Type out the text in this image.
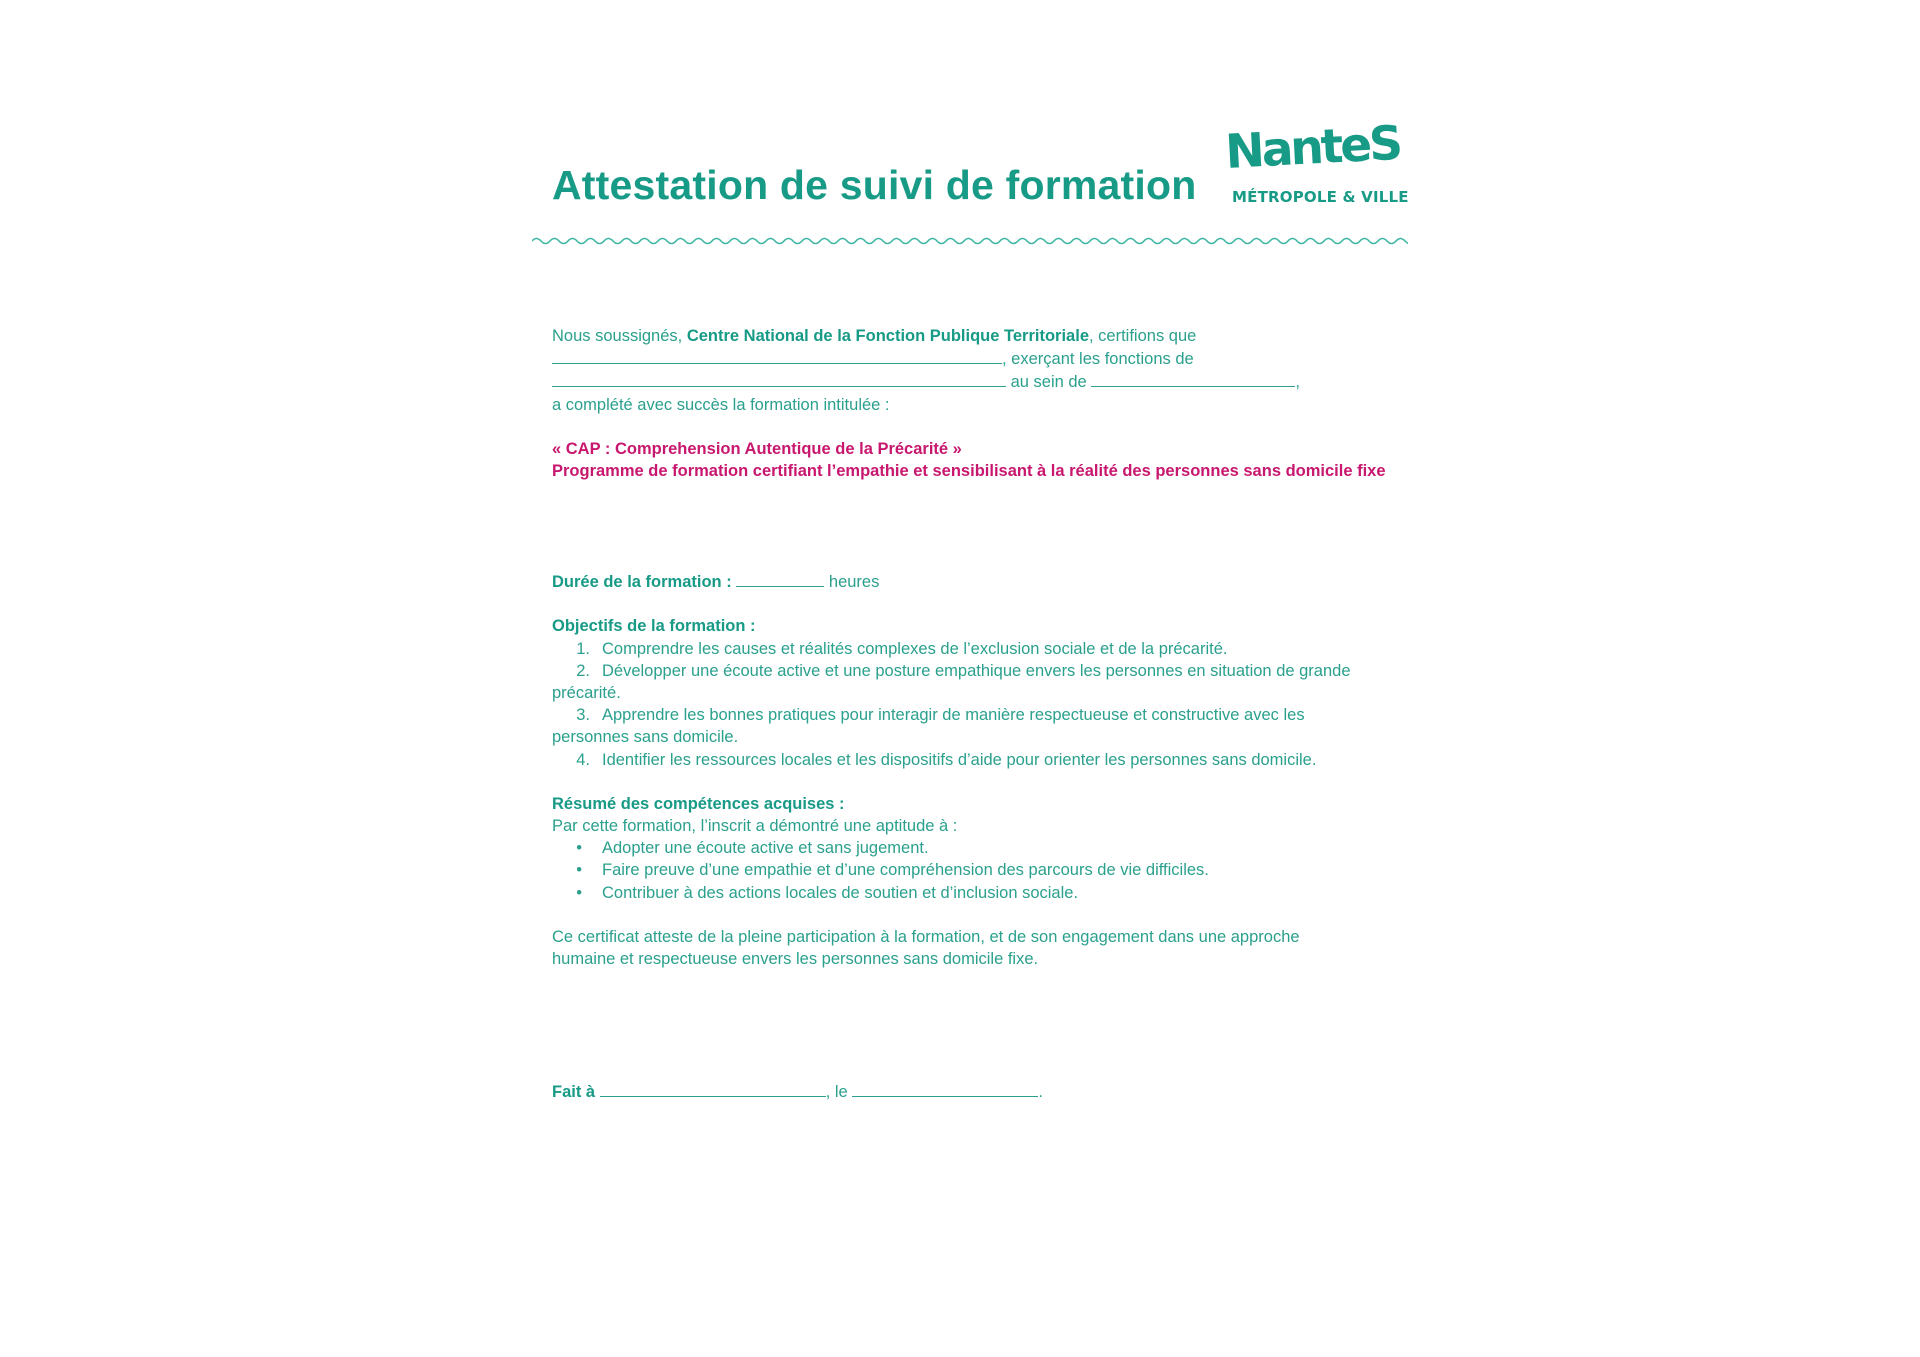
Attestation de suivi de formation
NanteS
MÉTROPOLE & VILLE

Nous soussignés, Centre National de la Fonction Publique Territoriale, certifions que

, exerçant les fonctions de

au sein de	,

a complété avec succès la formation intitulée :

« CAP : Comprehension Autentique de la Précarité »

Programme de formation certifiant l’empathie et sensibilisant à la réalité des personnes sans domicile fixe

Durée de la formation :	heures

Objectifs de la formation :

1. Comprendre les causes et réalités complexes de l’exclusion sociale et de la précarité.
2. Développer une écoute active et une posture empathique envers les personnes en situation de grande
précarité.
3. Apprendre les bonnes pratiques pour interagir de manière respectueuse et constructive avec les
personnes sans domicile.
4. Identifier les ressources locales et les dispositifs d’aide pour orienter les personnes sans domicile.

Résumé des compétences acquises :

Par cette formation, l’inscrit a démontré une aptitude à :

• Adopter une écoute active et sans jugement.
• Faire preuve d’une empathie et d’une compréhension des parcours de vie difficiles.
• Contribuer à des actions locales de soutien et d’inclusion sociale.

Ce certificat atteste de la pleine participation à la formation, et de son engagement dans une approche

humaine et respectueuse envers les personnes sans domicile fixe.

Fait à	, le	.
